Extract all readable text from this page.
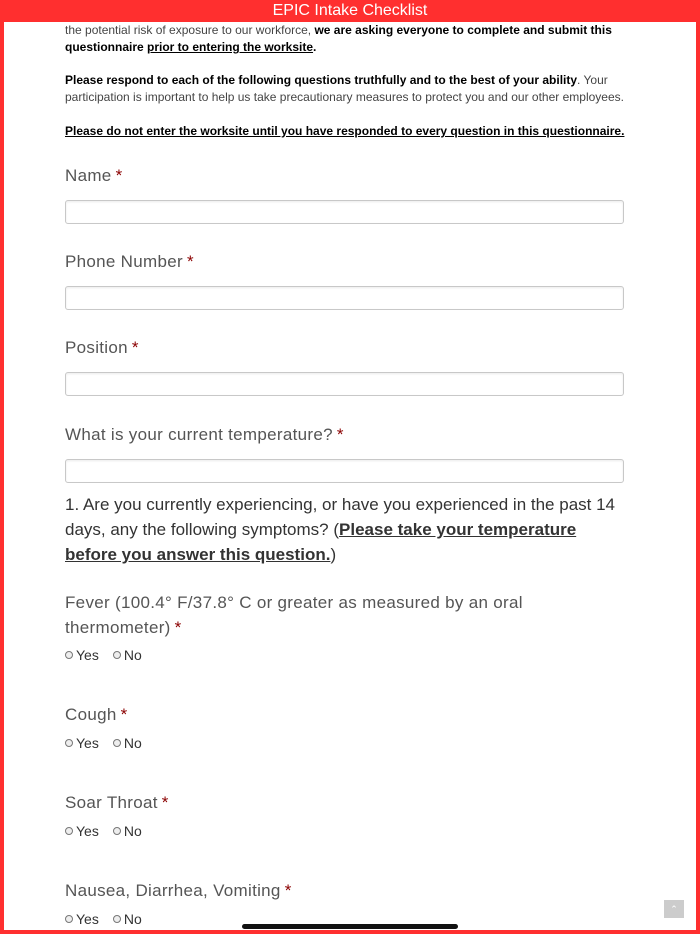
EPIC Intake Checklist
the potential risk of exposure to our workforce, we are asking everyone to complete and submit this questionnaire prior to entering the worksite.
Please respond to each of the following questions truthfully and to the best of your ability. Your participation is important to help us take precautionary measures to protect you and our other employees.
Please do not enter the worksite until you have responded to every question in this questionnaire.
Name *
Phone Number *
Position *
What is your current temperature? *
1. Are you currently experiencing, or have you experienced in the past 14 days, any the following symptoms? (Please take your temperature before you answer this question.)
Fever (100.4° F/37.8° C or greater as measured by an oral thermometer) *
Yes No
Cough *
Yes No
Soar Throat *
Yes No
Nausea, Diarrhea, Vomiting *
Yes No
⌃
